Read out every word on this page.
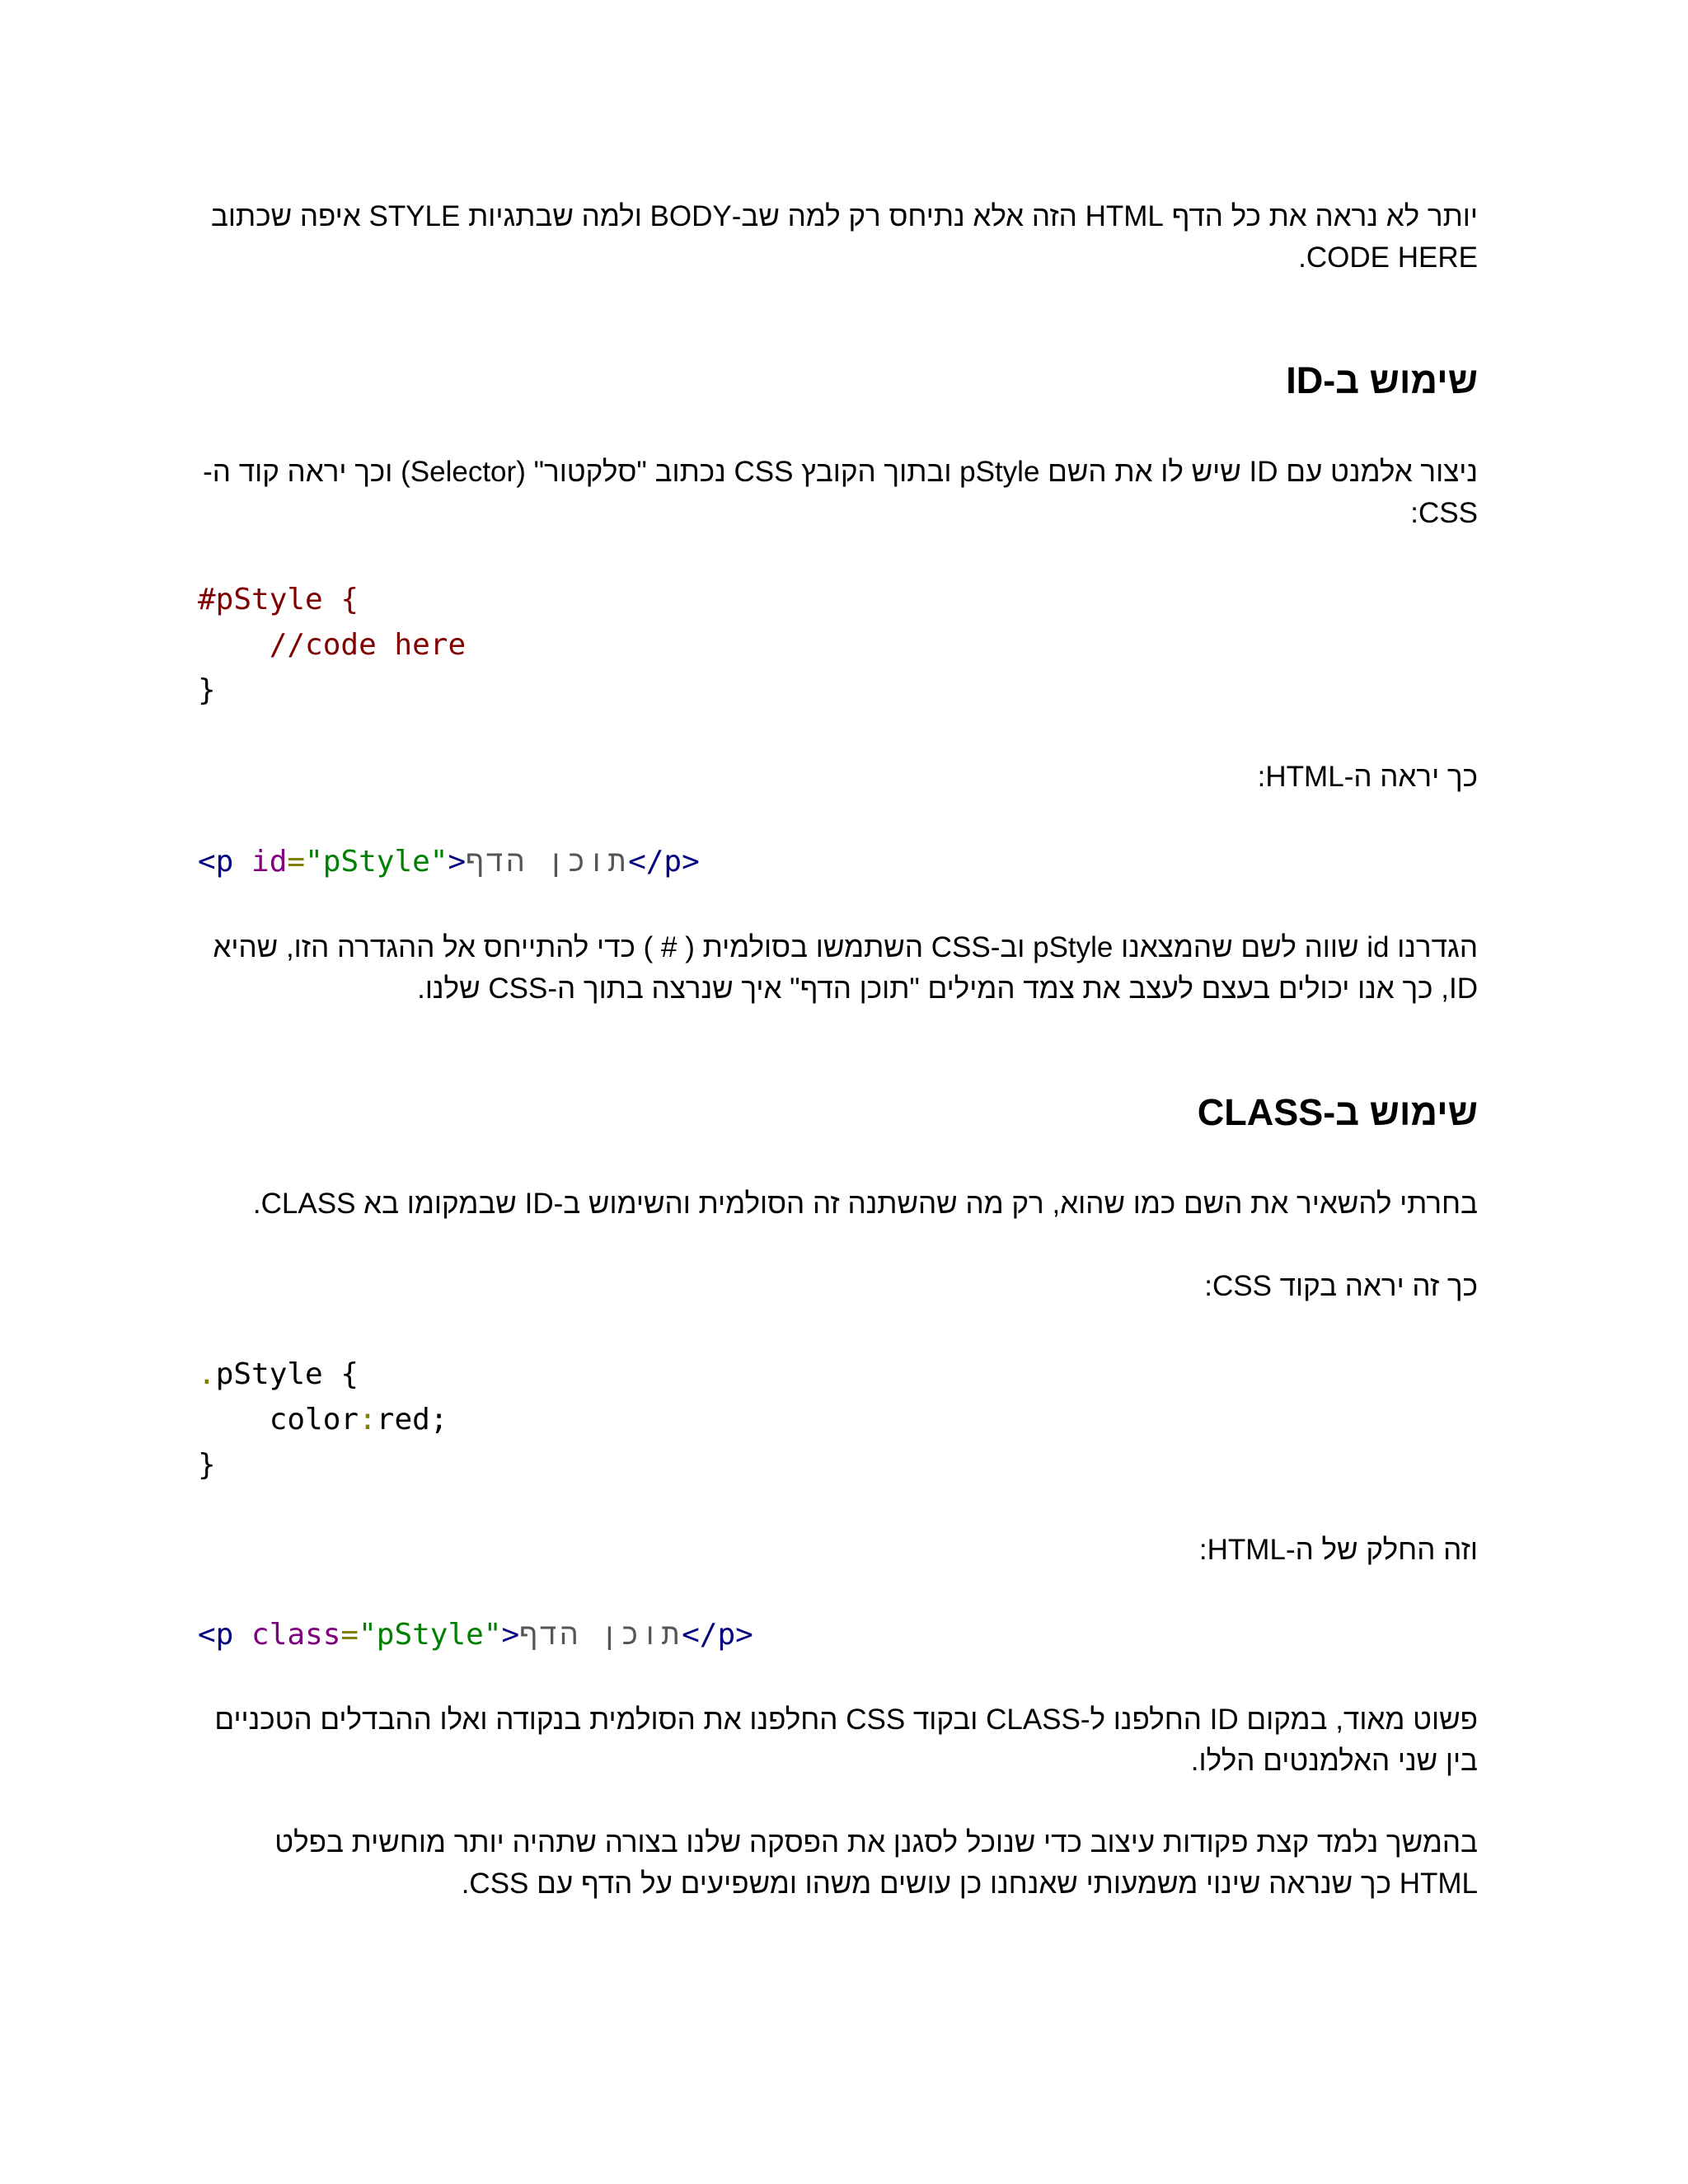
יותר לא נראה את כל הדף HTML הזה אלא נתיחס רק למה שב-BODY ולמה שבתגיות STYLE איפה שכתוב CODE HERE.
שימוש ב-ID
ניצור אלמנט עם ID שיש לו את השם pStyle ובתוך הקובץ CSS נכתוב "סלקטור" (Selector) וכך יראה קוד ה-CSS:
#pStyle {
//code here
}
כך יראה ה-HTML:
<p id="pStyle">תוכן הדף</p>
הגדרנו id שווה לשם שהמצאנו pStyle וב-CSS השתמשו בסולמית ( # ) כדי להתייחס אל ההגדרה הזו, שהיא ID, כך אנו יכולים בעצם לעצב את צמד המילים "תוכן הדף" איך שנרצה בתוך ה-CSS שלנו.
שימוש ב-CLASS
בחרתי להשאיר את השם כמו שהוא, רק מה שהשתנה זה הסולמית והשימוש ב-ID שבמקומו בא CLASS.
כך זה יראה בקוד CSS:
.pStyle {
color:red;
}
וזה החלק של ה-HTML:
<p class="pStyle">תוכן הדף</p>
פשוט מאוד, במקום ID החלפנו ל-CLASS ובקוד CSS החלפנו את הסולמית בנקודה ואלו ההבדלים הטכניים בין שני האלמנטים הללו.
בהמשך נלמד קצת פקודות עיצוב כדי שנוכל לסגנן את הפסקה שלנו בצורה שתהיה יותר מוחשית בפלט HTML כך שנראה שינוי משמעותי שאנחנו כן עושים משהו ומשפיעים על הדף עם CSS.
